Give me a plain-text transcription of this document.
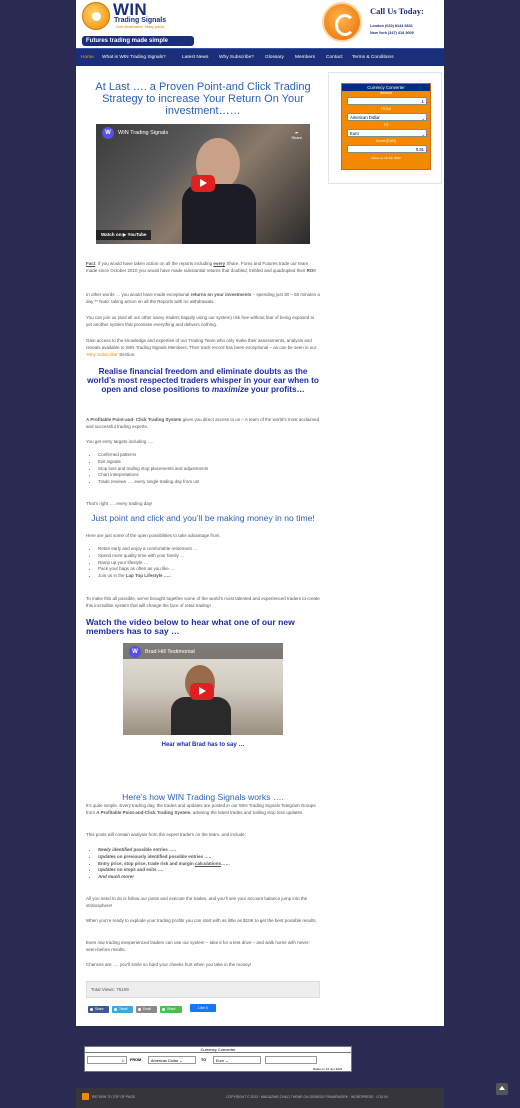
WIN
Trading Signals
One destination. Many paths.
Futures trading made simple
Call Us Today:
London (020) 8144 9831
New York (347) 418 3009
Home What is WIN Trading Signals?	Latest News Why Subscribe? Glossary Members Contact Terms & Conditions
At Last …. a Proven Point-and Click Trading Strategy to increase Your Return On Your investment……
W	WIN Trading Signals	➦
Share
Watch on ▶ YouTube

Fact: If you would have taken action on all the reports including every Share, Forex and Futures trade our team made since October 2010 you would have made substantial returns that doubled, trebled and quadrupled their ROI!

In other words … you would have made exceptional returns on your investments – spending just 30 – 60 minutes a day ** Note: taking action on all the Reports with no withdrawals.

You can join us (and all our other savvy traders happily using our system) risk free without fear of being exposed to yet another system that promises everything and delivers nothing.

Gain access to the knowledge and expertise of our Trading Team who only make their assessments, analysis and reveals available to WIN Trading Signals Members. Their track record has been exceptional – as can be seen in our 'Why Subscribe' Section.

Realise financial freedom and eliminate doubts as the
world’s most respected traders whisper in your ear when to
open and close positions to maximize your profits…

A Profitable Point-and- Click Trading System gives you direct access to us – A team of the world’s most acclaimed and successful trading experts.

You get entry targets including ….

• Confirmed patterns
• Exit signals
• Stop loss and trailing stop placements and adjustments
• Chart interpretations
• Trade reviews …. every single trading day from us!

That’s right …. every trading day!

Just point and click and you’ll be making money in no time!

Here are just some of the open possibilities to take advantage from.

• Retire early and enjoy a comfortable retirement …
• Spend more quality time with your family …
• Ramp up your lifestyle …
• Pack your bags as often as you like …
• Join us in the Lap Top Lifestyle …..

To make this all possible, we’ve brought together some of the world’s most talented and experienced traders to create this incredible system that will change the face of retail trading!

Watch the video below to hear what one of our new members has to say …
W	Brad Hill Testimonial
Hear what Brad has to say …
Here’s how WIN Trading Signals works ….

It’s quite simple. Every trading day, the trades and updates are posted in our WIN Trading Signals Telegram Groups from A Profitable Point-and-Click Trading System, advising the latest trades and trailing stop loss updates.

This posts will contain analysis from the expert traders on the team, and include:

• Newly identified possible entries …..
• Updates on previously identified possible entries …..
• Entry price, stop price, trade risk and margin calculations……
• Updates on stops and exits ….
• And much more!

All you need to do is follow our posts and execute the trades, and you’ll see your account balance jump into the stratosphere!

When you’re ready to explode your trading profits you can start with as little as $10K to get the best possible results.

Even raw trading inexperienced traders can use our system – take it for a test drive – and walk home with never-seen-before results.

Chances are …. you’ll smile so hard your cheeks hurt when you take in the money!

Total Views: 75109
Share	Tweet	Email	Share	Like 0
Currency Converter
Amount
1
FROM
American Dollar	⌄
TO
Euro	⌄
Euros (EUR)
0.91
Rates on 16 Jun 2023
Currency Converter
1	FROM	American Dollar ⌄	TO	Euro ⌄
Rates on 16 Jun 2023
RETURN TO TOP OF PAGE	COPYRIGHT © 2023 · MAGAZINE CHILD THEME ON GENESIS FRAMEWORK · WORDPRESS · LOG IN
